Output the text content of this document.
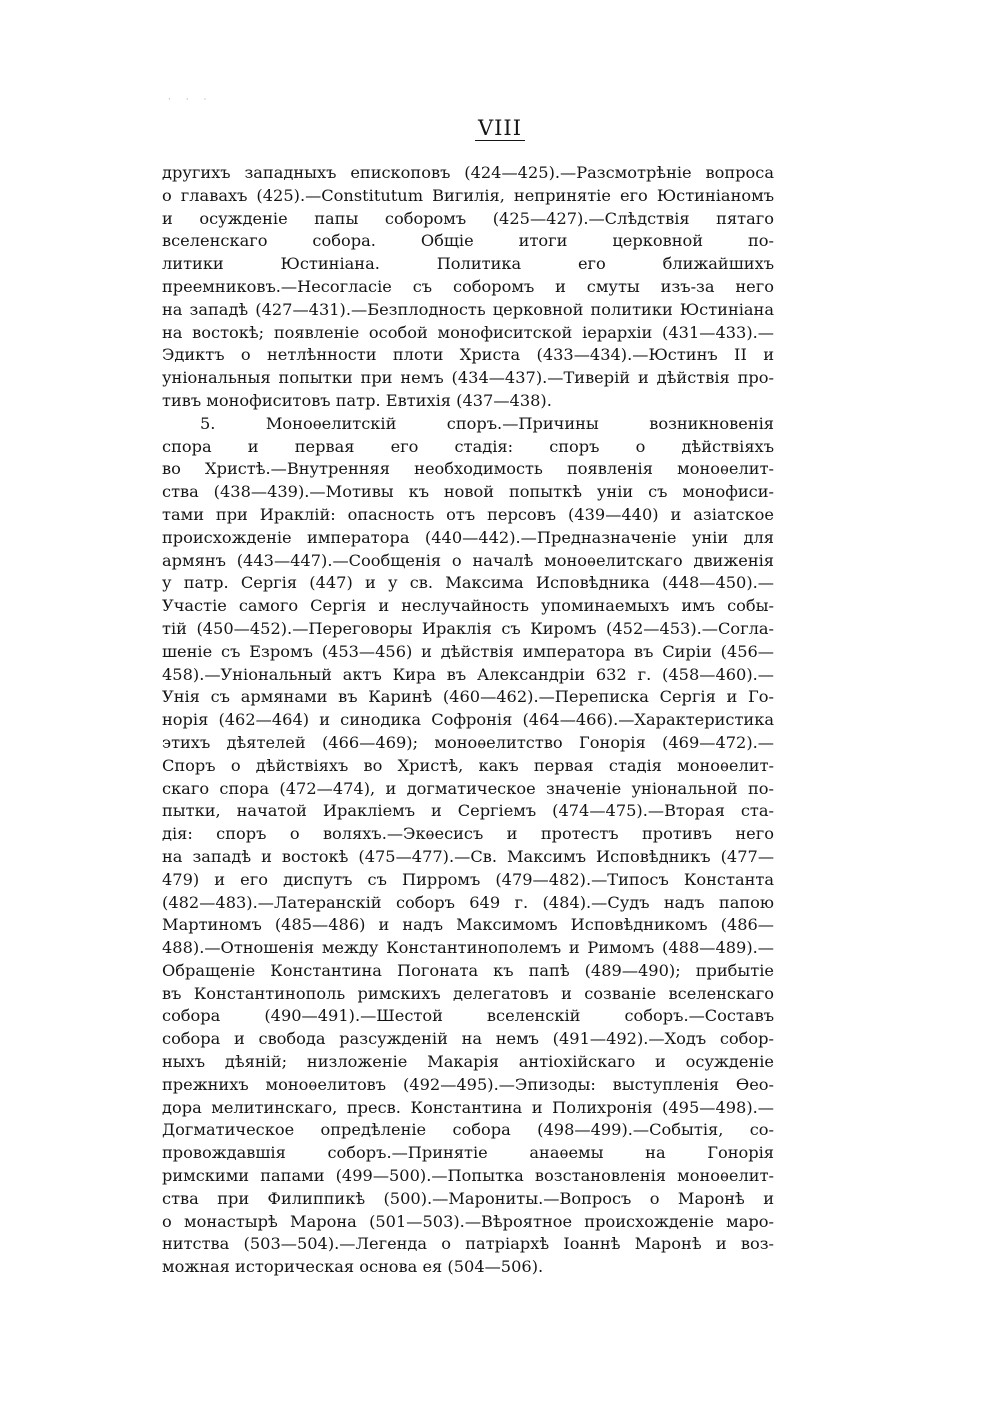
· · ·
VIII
другихъ западныхъ епископовъ (424—425).—Разсмотрѣніе вопроса
о главахъ (425).—Constitutum Вигилія, непринятіе его Юстиніаномъ
и осужденіе папы соборомъ (425—427).—Слѣдствія пятаго
вселенскаго собора. Общіе итоги церковной по-
литики Юстиніана. Политика его ближайшихъ
преемниковъ.—Несогласіе съ соборомъ и смуты изъ-за него
на западѣ (427—431).—Безплодность церковной политики Юстиніана
на востокѣ; появленіе особой монофиситской іерархіи (431—433).—
Эдиктъ о нетлѣнности плоти Христа (433—434).—Юстинъ II и
уніональныя попытки при немъ (434—437).—Тиверій и дѣйствія про-
тивъ монофиситовъ патр. Евтихія (437—438).
5. Моноѳелитскій споръ.—Причины возникновенія
спора и первая его стадія: споръ о дѣйствіяхъ
во Христѣ.—Внутренняя необходимость появленія моноѳелит-
ства (438—439).—Мотивы къ новой попыткѣ уніи съ монофиси-
тами при Ираклій: опасность отъ персовъ (439—440) и азіатское
происхожденіе императора (440—442).—Предназначеніе уніи для
армянъ (443—447).—Сообщенія о началѣ моноѳелитскаго движенія
у патр. Сергія (447) и у св. Максима Исповѣдника (448—450).—
Участіе самого Сергія и неслучайность упоминаемыхъ имъ собы-
тій (450—452).—Переговоры Ираклія съ Киромъ (452—453).—Согла-
шеніе съ Езромъ (453—456) и дѣйствія императора въ Сиріи (456—
458).—Уніональный актъ Кира въ Александріи 632 г. (458—460).—
Унія съ армянами въ Каринѣ (460—462).—Переписка Сергія и Го-
норія (462—464) и синодика Софронія (464—466).—Характеристика
этихъ дѣятелей (466—469); моноѳелитство Гонорія (469—472).—
Споръ о дѣйствіяхъ во Христѣ, какъ первая стадія моноѳелит-
скаго спора (472—474), и догматическое значеніе уніональной по-
пытки, начатой Иракліемъ и Сергіемъ (474—475).—Вторая ста-
дія: споръ о воляхъ.—Экѳесисъ и протестъ противъ него
на западѣ и востокѣ (475—477).—Св. Максимъ Исповѣдникъ (477—
479) и его диспутъ съ Пирромъ (479—482).—Типосъ Константа
(482—483).—Латеранскій соборъ 649 г. (484).—Судъ надъ папою
Мартиномъ (485—486) и надъ Максимомъ Исповѣдникомъ (486—
488).—Отношенія между Константинополемъ и Римомъ (488—489).—
Обращеніе Константина Погоната къ папѣ (489—490); прибытіе
въ Константинополь римскихъ делегатовъ и созваніе вселенскаго
собора (490—491).—Шестой вселенскій соборъ.—Составъ
собора и свобода разсужденій на немъ (491—492).—Ходъ собор-
ныхъ дѣяній; низложеніе Макарія антіохійскаго и осужденіе
прежнихъ моноѳелитовъ (492—495).—Эпизоды: выступленія Ѳео-
дора мелитинскаго, пресв. Константина и Полихронія (495—498).—
Догматическое опредѣленіе собора (498—499).—Событія, со-
провождавшія соборъ.—Принятіе анаѳемы на Гонорія
римскими папами (499—500).—Попытка возстановленія моноѳелит-
ства при Филиппикѣ (500).—Марониты.—Вопросъ о Маронѣ и
о монастырѣ Марона (501—503).—Вѣроятное происхожденіе маро-
нитства (503—504).—Легенда о патріархѣ Іоаннѣ Маронѣ и воз-
можная историческая основа ея (504—506).
